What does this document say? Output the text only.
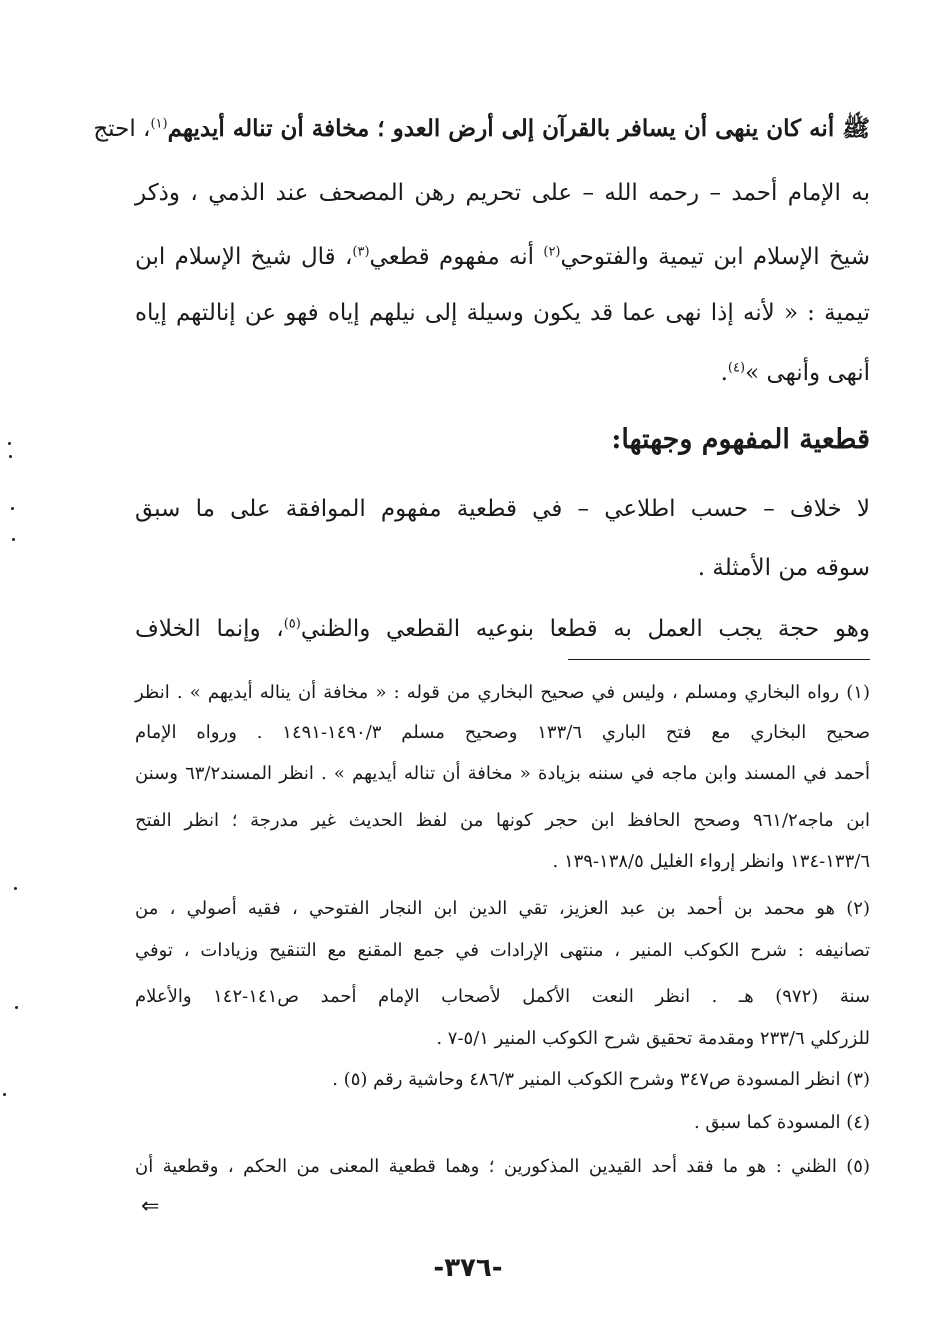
ﷺ أنه كان ينهى أن يسافر بالقرآن إلى أرض العدو ؛ مخافة أن تناله أيديهم$^{(١)}$، احتج
به الإمام أحمد – رحمه الله – على تحريم رهن المصحف عند الذمي ، وذكر
شيخ الإسلام ابن تيمية والفتوحي$^{(٢)}$ أنه مفهوم قطعي$^{(٣)}$، قال شيخ الإسلام ابن
تيمية : « لأنه إذا نهى عما قد يكون وسيلة إلى نيلهم إياه فهو عن إنالتهم إياه
أنهى وأنهى »$^{(٤)}$.
قطعية المفهوم وجهتها:
لا خلاف – حسب اطلاعي – في قطعية مفهوم الموافقة على ما سبق
سوقه من الأمثلة .
وهو حجة يجب العمل به قطعا بنوعيه القطعي والظني$^{(٥)}$، وإنما الخلاف
(١) رواه البخاري ومسلم ، وليس في صحيح البخاري من قوله : « مخافة أن يناله أيديهم » . انظر
صحيح البخاري مع فتح الباري ١٣٣/٦ وصحيح مسلم ١٤٩٠/٣-١٤٩١ . ورواه الإمام
أحمد في المسند وابن ماجه في سننه بزيادة « مخافة أن تناله أيديهم » . انظر المسند٦٣/٢ وسنن
ابن ماجه٩٦١/٢ وصحح الحافظ ابن حجر كونها من لفظ الحديث غير مدرجة ؛ انظر الفتح
١٣٣/٦-١٣٤ وانظر إرواء الغليل ١٣٨/٥-١٣٩ .
(٢) هو محمد بن أحمد بن عبد العزيز، تقي الدين ابن النجار الفتوحي ، فقيه أصولي ، من
تصانيفه : شرح الكوكب المنير ، منتهى الإرادات في جمع المقنع مع التنقيح وزيادات ، توفي
سنة (٩٧٢) هـ . انظر النعت الأكمل لأصحاب الإمام أحمد ص١٤١-١٤٢ والأعلام
للزركلي ٢٣٣/٦ ومقدمة تحقيق شرح الكوكب المنير ٥/١-٧ .
(٣) انظر المسودة ص٣٤٧ وشرح الكوكب المنير ٤٨٦/٣ وحاشية رقم (٥) .
(٤) المسودة كما سبق .
(٥) الظني : هو ما فقد أحد القيدين المذكورين ؛ وهما قطعية المعنى من الحكم ، وقطعية أن
⇐
-٣٧٦-
